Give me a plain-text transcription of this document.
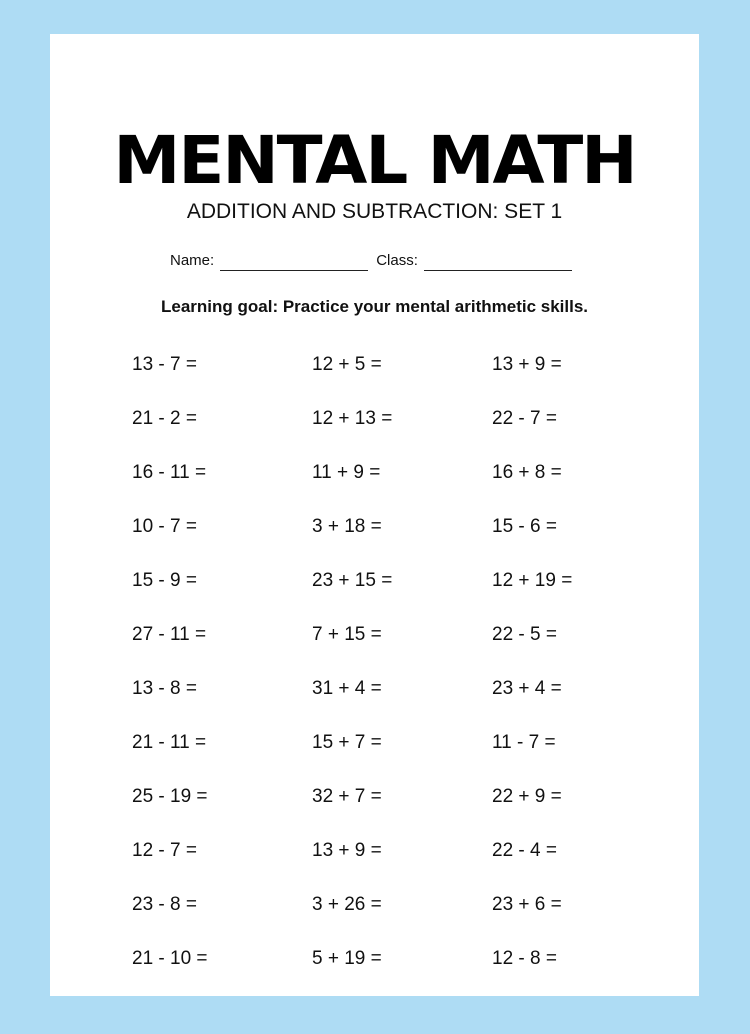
MENTAL MATH
ADDITION AND SUBTRACTION: SET 1
Name:	Class:
Learning goal: Practice your mental arithmetic skills.
13 - 7 =	12 + 5 =	13 + 9 =
21 - 2 =	12 + 13 =	22 - 7 =
16 - 11 =	11 + 9 =	16 + 8 =
10 - 7 =	3 + 18 =	15 - 6 =
15 - 9 =	23 + 15 =	12 + 19 =
27 - 11 =	7 + 15 =	22 - 5 =
13 - 8 =	31 + 4 =	23 + 4 =
21 - 11 =	15 + 7 =	11 - 7 =
25 - 19 =	32 + 7 =	22 + 9 =
12 - 7 =	13 + 9 =	22 - 4 =
23 - 8 =	3 + 26 =	23 + 6 =
21 - 10 =	5 + 19 =	12 - 8 =
